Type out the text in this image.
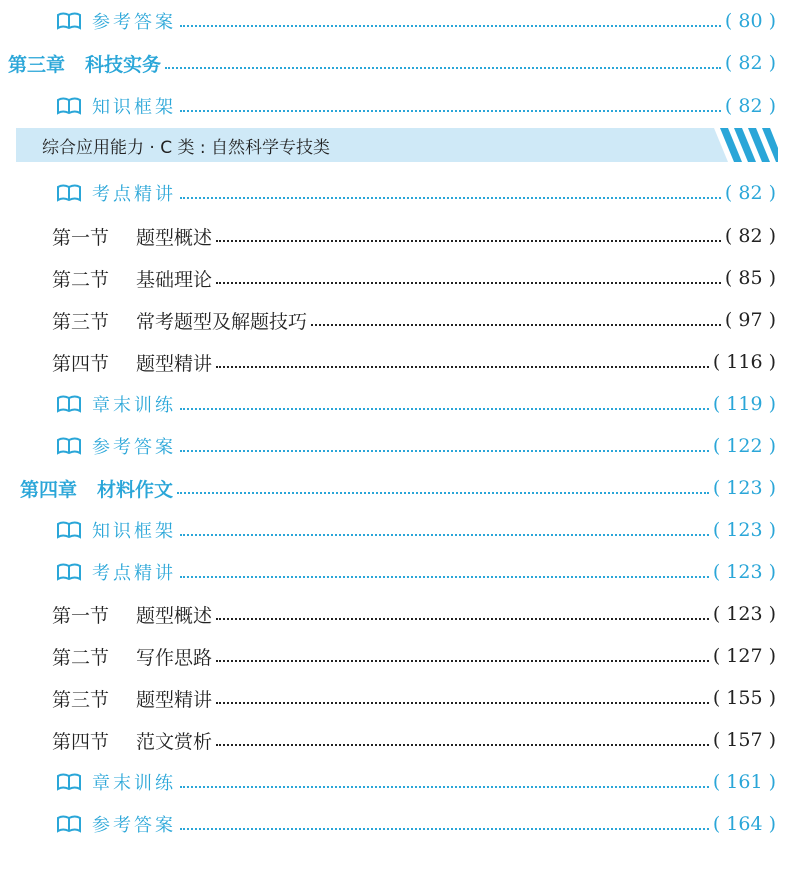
参考答案	( 80 )
第三章 科技实务	( 82 )
知识框架	( 82 )
综合应用能力 · C 类 : 自然科学专技类
考点精讲	( 82 )
第一节 题型概述	( 82 )
第二节 基础理论	( 85 )
第三节 常考题型及解题技巧	( 97 )
第四节 题型精讲	( 116 )
章末训练	( 119 )
参考答案	( 122 )
第四章 材料作文	( 123 )
知识框架	( 123 )
考点精讲	( 123 )
第一节 题型概述	( 123 )
第二节 写作思路	( 127 )
第三节 题型精讲	( 155 )
第四节 范文赏析	( 157 )
章末训练	( 161 )
参考答案	( 164 )
